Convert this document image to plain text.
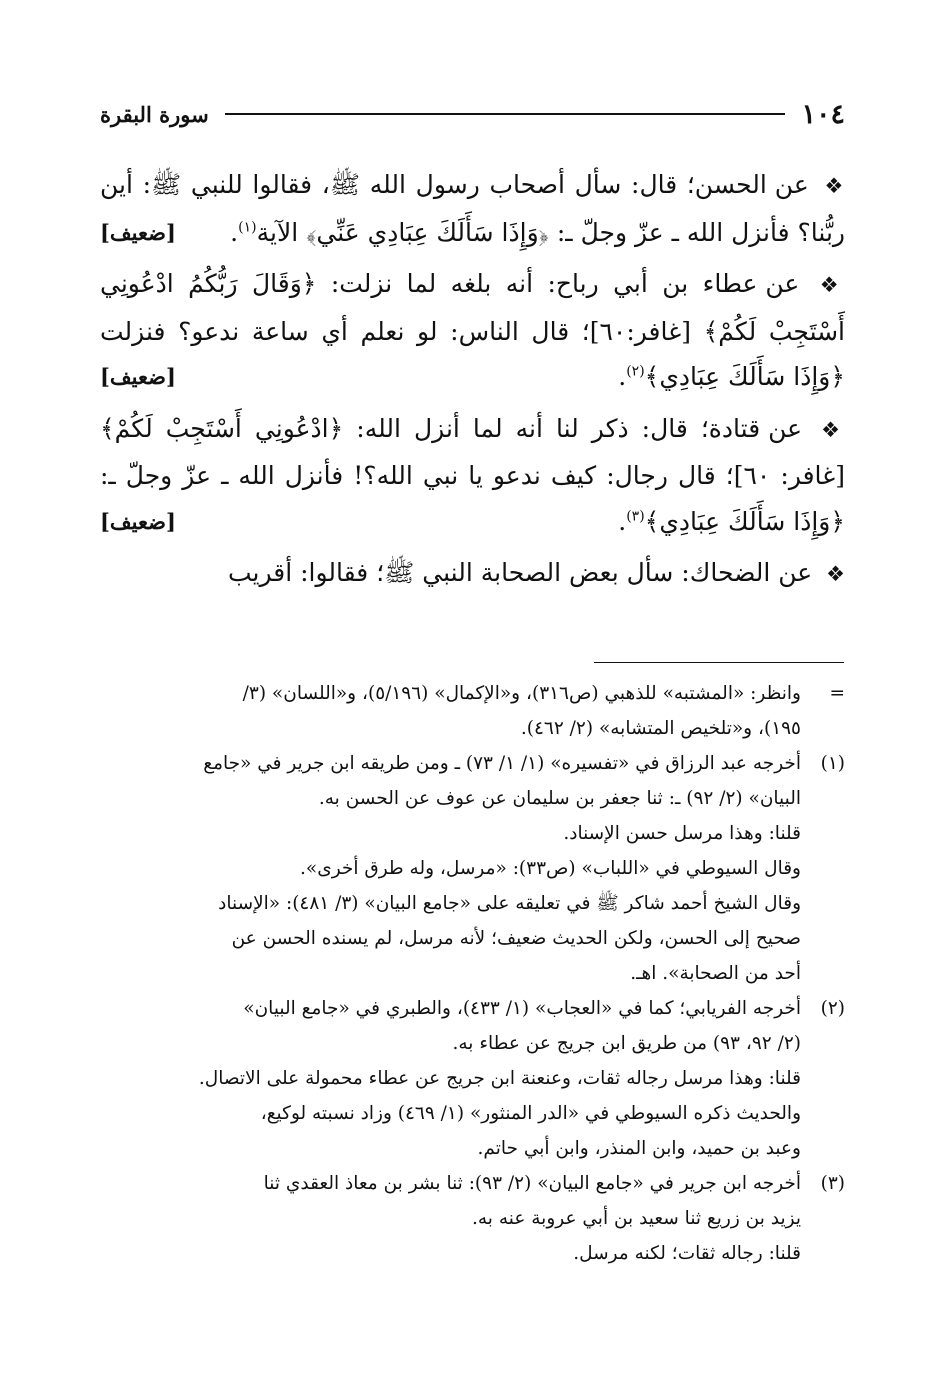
١٠٤
سورة البقرة

❖ عن الحسن؛ قال: سأل أصحاب رسول الله ﷺ، فقالوا للنبي ﷺ: أين ربُّنا؟ فأنزل الله ـ عزّ وجلّ ـ: ﴿وَإِذَا سَأَلَكَ عِبَادِي عَنِّي﴾ الآية$^{(١)}$.
[ضعيف]

❖ عن عطاء بن أبي رباح: أنه بلغه لما نزلت: ﴿وَقَالَ رَبُّكُمُ ادْعُونِي أَسْتَجِبْ لَكُمْ﴾ [غافر:٦٠]؛ قال الناس: لو نعلم أي ساعة ندعو؟ فنزلت ﴿وَإِذَا سَأَلَكَ عِبَادِي﴾$^{(٢)}$.
[ضعيف]

❖ عن قتادة؛ قال: ذكر لنا أنه لما أنزل الله: ﴿ادْعُونِي أَسْتَجِبْ لَكُمْ﴾ [غافر: ٦٠]؛ قال رجال: كيف ندعو يا نبي الله؟! فأنزل الله ـ عزّ وجلّ ـ: ﴿وَإِذَا سَأَلَكَ عِبَادِي﴾$^{(٣)}$.
[ضعيف]

❖ عن الضحاك: سأل بعض الصحابة النبي ﷺ؛ فقالوا: أقريب

=
وانظر: «المشتبه» للذهبي (ص٣١٦)، و«الإكمال» (٥/١٩٦)، و«اللسان» (٣/
١٩٥)، و«تلخيص المتشابه» (٢/ ٤٦٢).
(١)
أخرجه عبد الرزاق في «تفسيره» (١/ ١/ ٧٣) ـ ومن طريقه ابن جرير في «جامع
البيان» (٢/ ٩٢) ـ: ثنا جعفر بن سليمان عن عوف عن الحسن به.
قلنا: وهذا مرسل حسن الإسناد.
وقال السيوطي في «اللباب» (ص٣٣): «مرسل، وله طرق أخرى».
وقال الشيخ أحمد شاكر ﷺ في تعليقه على «جامع البيان» (٣/ ٤٨١): «الإسناد
صحيح إلى الحسن، ولكن الحديث ضعيف؛ لأنه مرسل، لم يسنده الحسن عن
أحد من الصحابة». اهـ.
(٢)
أخرجه الفريابي؛ كما في «العجاب» (١/ ٤٣٣)، والطبري في «جامع البيان»
(٢/ ٩٢، ٩٣) من طريق ابن جريج عن عطاء به.
قلنا: وهذا مرسل رجاله ثقات، وعنعنة ابن جريج عن عطاء محمولة على الاتصال.
والحديث ذكره السيوطي في «الدر المنثور» (١/ ٤٦٩) وزاد نسبته لوكيع،
وعبد بن حميد، وابن المنذر، وابن أبي حاتم.
(٣)
أخرجه ابن جرير في «جامع البيان» (٢/ ٩٣): ثنا بشر بن معاذ العقدي ثنا
يزيد بن زريع ثنا سعيد بن أبي عروبة عنه به.
قلنا: رجاله ثقات؛ لكنه مرسل.
